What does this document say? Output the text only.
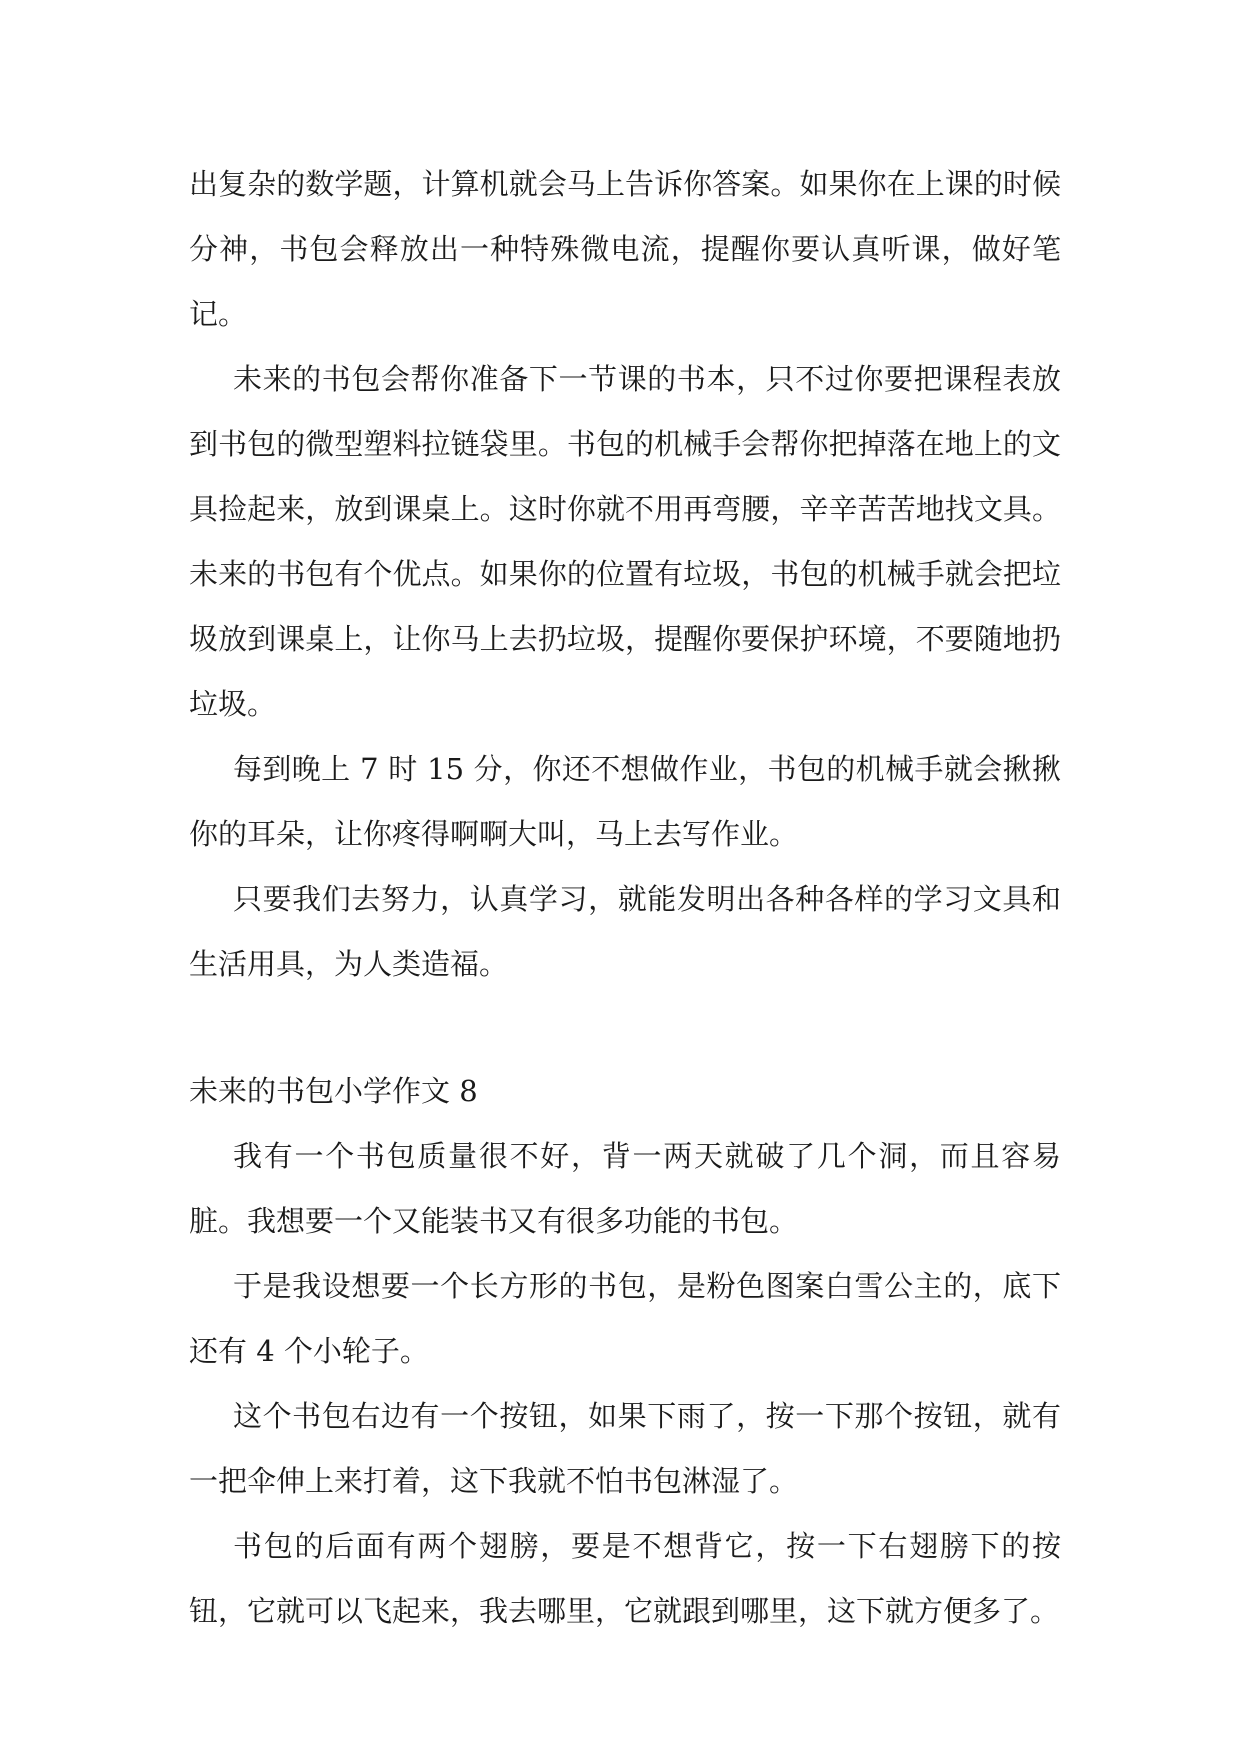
出复杂的数学题，计算机就会马上告诉你答案。如果你在上课的时候分神，书包会释放出一种特殊微电流，提醒你要认真听课，做好笔记。

未来的书包会帮你准备下一节课的书本，只不过你要把课程表放到书包的微型塑料拉链袋里。书包的机械手会帮你把掉落在地上的文具捡起来，放到课桌上。这时你就不用再弯腰，辛辛苦苦地找文具。未来的书包有个优点。如果你的位置有垃圾，书包的机械手就会把垃圾放到课桌上，让你马上去扔垃圾，提醒你要保护环境，不要随地扔垃圾。

每到晚上 7 时 15 分，你还不想做作业，书包的机械手就会揪揪你的耳朵，让你疼得啊啊大叫，马上去写作业。

只要我们去努力，认真学习，就能发明出各种各样的学习文具和生活用具，为人类造福。

未来的书包小学作文 8

我有一个书包质量很不好，背一两天就破了几个洞，而且容易脏。我想要一个又能装书又有很多功能的书包。

于是我设想要一个长方形的书包，是粉色图案白雪公主的，底下还有 4 个小轮子。

这个书包右边有一个按钮，如果下雨了，按一下那个按钮，就有一把伞伸上来打着，这下我就不怕书包淋湿了。

书包的后面有两个翅膀，要是不想背它，按一下右翅膀下的按钮，它就可以飞起来，我去哪里，它就跟到哪里，这下就方便多了。
